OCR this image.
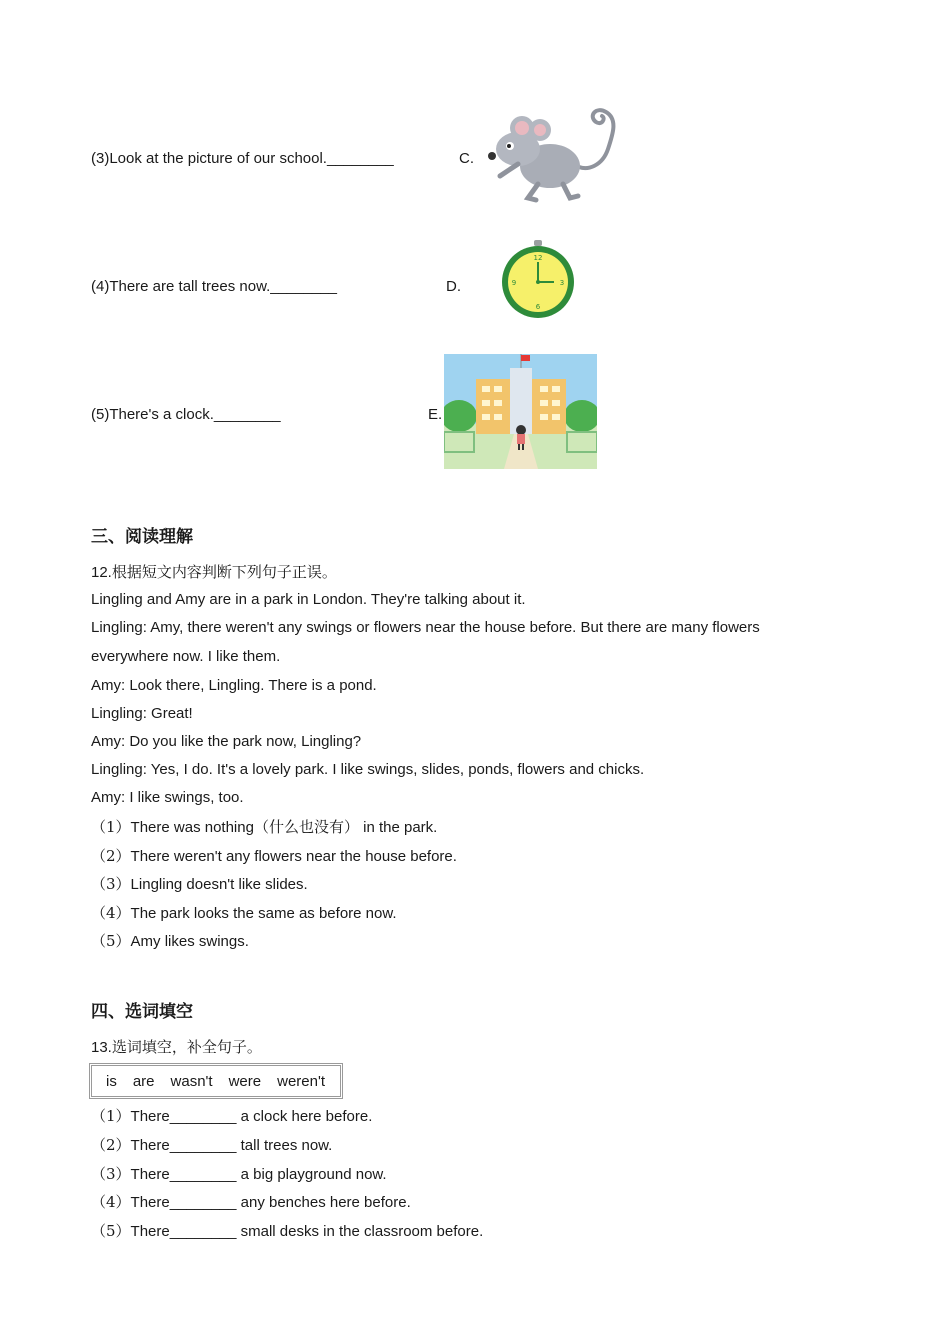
(3)Look at the picture of our school.________	C.
(4)There are tall trees now.________	D.
12
3
6
9
(5)There's a clock.________	E.
三、阅读理解
12.根据短文内容判断下列句子正误。
Lingling and Amy are in a park in London. They're talking about it.
Lingling: Amy, there weren't any swings or flowers near the house before. But there are many flowers
everywhere now. I like them.
Amy: Look there, Lingling. There is a pond.
Lingling: Great!
Amy: Do you like the park now, Lingling?
Lingling: Yes, I do. It's a lovely park. I like swings, slides, ponds, flowers and chicks.
Amy: I like swings, too.
（1）There was nothing（什么也没有） in the park.
（2）There weren't any flowers near the house before.
（3）Lingling doesn't like slides.
（4）The park looks the same as before now.
（5）Amy likes swings.
四、选词填空
13.选词填空，补全句子。
is are wasn't were weren't
（1）There________ a clock here before.
（2）There________ tall trees now.
（3）There________ a big playground now.
（4）There________ any benches here before.
（5）There________ small desks in the classroom before.
